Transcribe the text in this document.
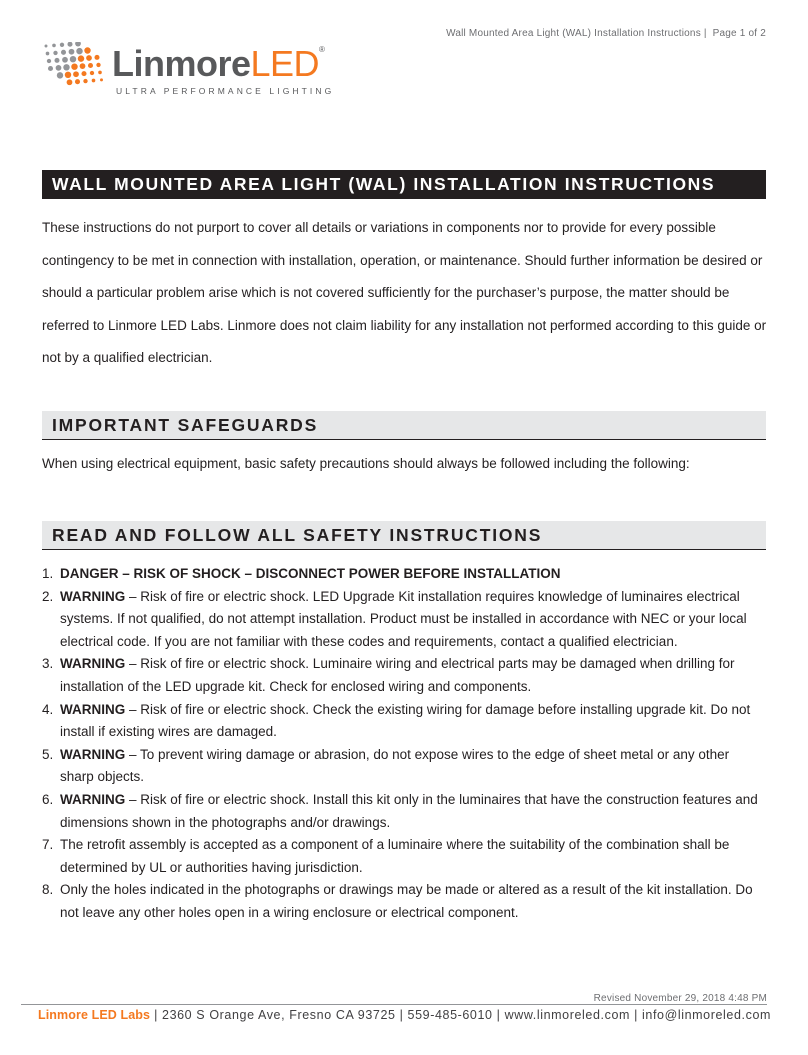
Wall Mounted Area Light (WAL) Installation Instructions |  Page 1 of 2
LinmoreLED®
ULTRA PERFORMANCE LIGHTING
WALL MOUNTED AREA LIGHT (WAL) INSTALLATION INSTRUCTIONS
These instructions do not purport to cover all details or variations in components nor to provide for every possible contingency to be met in connection with installation, operation, or maintenance. Should further information be desired or should a particular problem arise which is not covered sufficiently for the purchaser’s purpose, the matter should be referred to Linmore LED Labs. Linmore does not claim liability for any installation not performed according to this guide or not by a qualified electrician.
IMPORTANT SAFEGUARDS
When using electrical equipment, basic safety precautions should always be followed including the following:
READ AND FOLLOW ALL SAFETY INSTRUCTIONS
1. DANGER – RISK OF SHOCK – DISCONNECT POWER BEFORE INSTALLATION
2. WARNING – Risk of fire or electric shock. LED Upgrade Kit installation requires knowledge of luminaires electrical systems. If not qualified, do not attempt installation. Product must be installed in accordance with NEC or your local electrical code. If you are not familiar with these codes and requirements, contact a qualified electrician.
3. WARNING – Risk of fire or electric shock. Luminaire wiring and electrical parts may be damaged when drilling for installation of the LED upgrade kit. Check for enclosed wiring and components.
4. WARNING – Risk of fire or electric shock. Check the existing wiring for damage before installing upgrade kit. Do not install if existing wires are damaged.
5. WARNING – To prevent wiring damage or abrasion, do not expose wires to the edge of sheet metal or any other sharp objects.
6. WARNING – Risk of fire or electric shock. Install this kit only in the luminaires that have the construction features and dimensions shown in the photographs and/or drawings.
7. The retrofit assembly is accepted as a component of a luminaire where the suitability of the combination shall be determined by UL or authorities having jurisdiction.
8. Only the holes indicated in the photographs or drawings may be made or altered as a result of the kit installation. Do not leave any other holes open in a wiring enclosure or electrical component.
Revised November 29, 2018 4:48 PM
Linmore LED Labs | 2360 S Orange Ave, Fresno CA 93725 | 559-485-6010 | www.linmoreled.com | info@linmoreled.com
